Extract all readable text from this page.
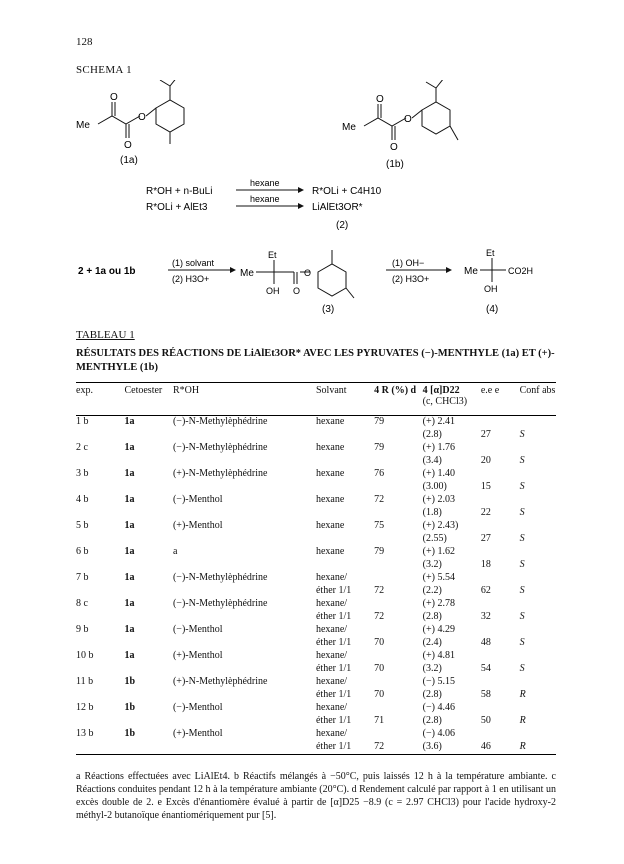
128
SCHEMA 1
Me
O
O
O
(1a)
Me
O
O
O
(1b)
R*OH + n-BuLi
hexane
R*OLi + C4H10
R*OLi + AlEt3
hexane
LiAlEt3OR*
(2)
2 + 1a ou 1b
(1) solvant
(2) H3O+	Me
Et
OH O
O
(3)
(1) OH−
(2) H3O+
Me
Et
CO2H
OH
(4)
TABLEAU 1
RÉSULTATS DES RÉACTIONS DE LiAlEt3OR* AVEC LES PYRUVATES (−)-MENTHYLE (1a) ET (+)-MENTHYLE (1b)
exp.	Cetoester	R*OH	Solvant	4 R (%) d	4 [α]D22
(c, CHCl3)	e.e e	Conf abs
1 b	1a	(−)-N-Methylèphédrine	hexane	79	(+) 2.41		
					(2.8)	27	S
2 c	1a	(−)-N-Methylèphédrine	hexane	79	(+) 1.76		
					(3.4)	20	S
3 b	1a	(+)-N-Methylèphédrine	hexane	76	(+) 1.40		
					(3.00)	15	S
4 b	1a	(−)-Menthol	hexane	72	(+) 2.03		
					(1.8)	22	S
5 b	1a	(+)-Menthol	hexane	75	(+) 2.43)		
					(2.55)	27	S
6 b	1a	a	hexane	79	(+) 1.62		
					(3.2)	18	S
7 b	1a	(−)-N-Methylèphédrine	hexane/		(+) 5.54		
			éther 1/1	72	(2.2)	62	S
8 c	1a	(−)-N-Methylèphédrine	hexane/		(+) 2.78		
			éther 1/1	72	(2.8)	32	S
9 b	1a	(−)-Menthol	hexane/		(+) 4.29		
			éther 1/1	70	(2.4)	48	S
10 b	1a	(+)-Menthol	hexane/		(+) 4.81		
			éther 1/1	70	(3.2)	54	S
11 b	1b	(+)-N-Methylèphédrine	hexane/		(−) 5.15		
			éther 1/1	70	(2.8)	58	R
12 b	1b	(−)-Menthol	hexane/		(−) 4.46		
			éther 1/1	71	(2.8)	50	R
13 b	1b	(+)-Menthol	hexane/		(−) 4.06		
			éther 1/1	72	(3.6)	46	R
a Réactions effectuées avec LiAlEt4. b Réactifs mélangés à −50°C, puis laissés 12 h à la température ambiante. c Réactions conduites pendant 12 h à la température ambiante (20°C). d Rendement calculé par rapport à 1 en utilisant un excès double de 2. e Excès d'énantiomère évalué à partir de [α]D25 −8.9 (c = 2.97 CHCl3) pour l'acide hydroxy-2 méthyl-2 butanoïque énantiomériquement pur [5].
